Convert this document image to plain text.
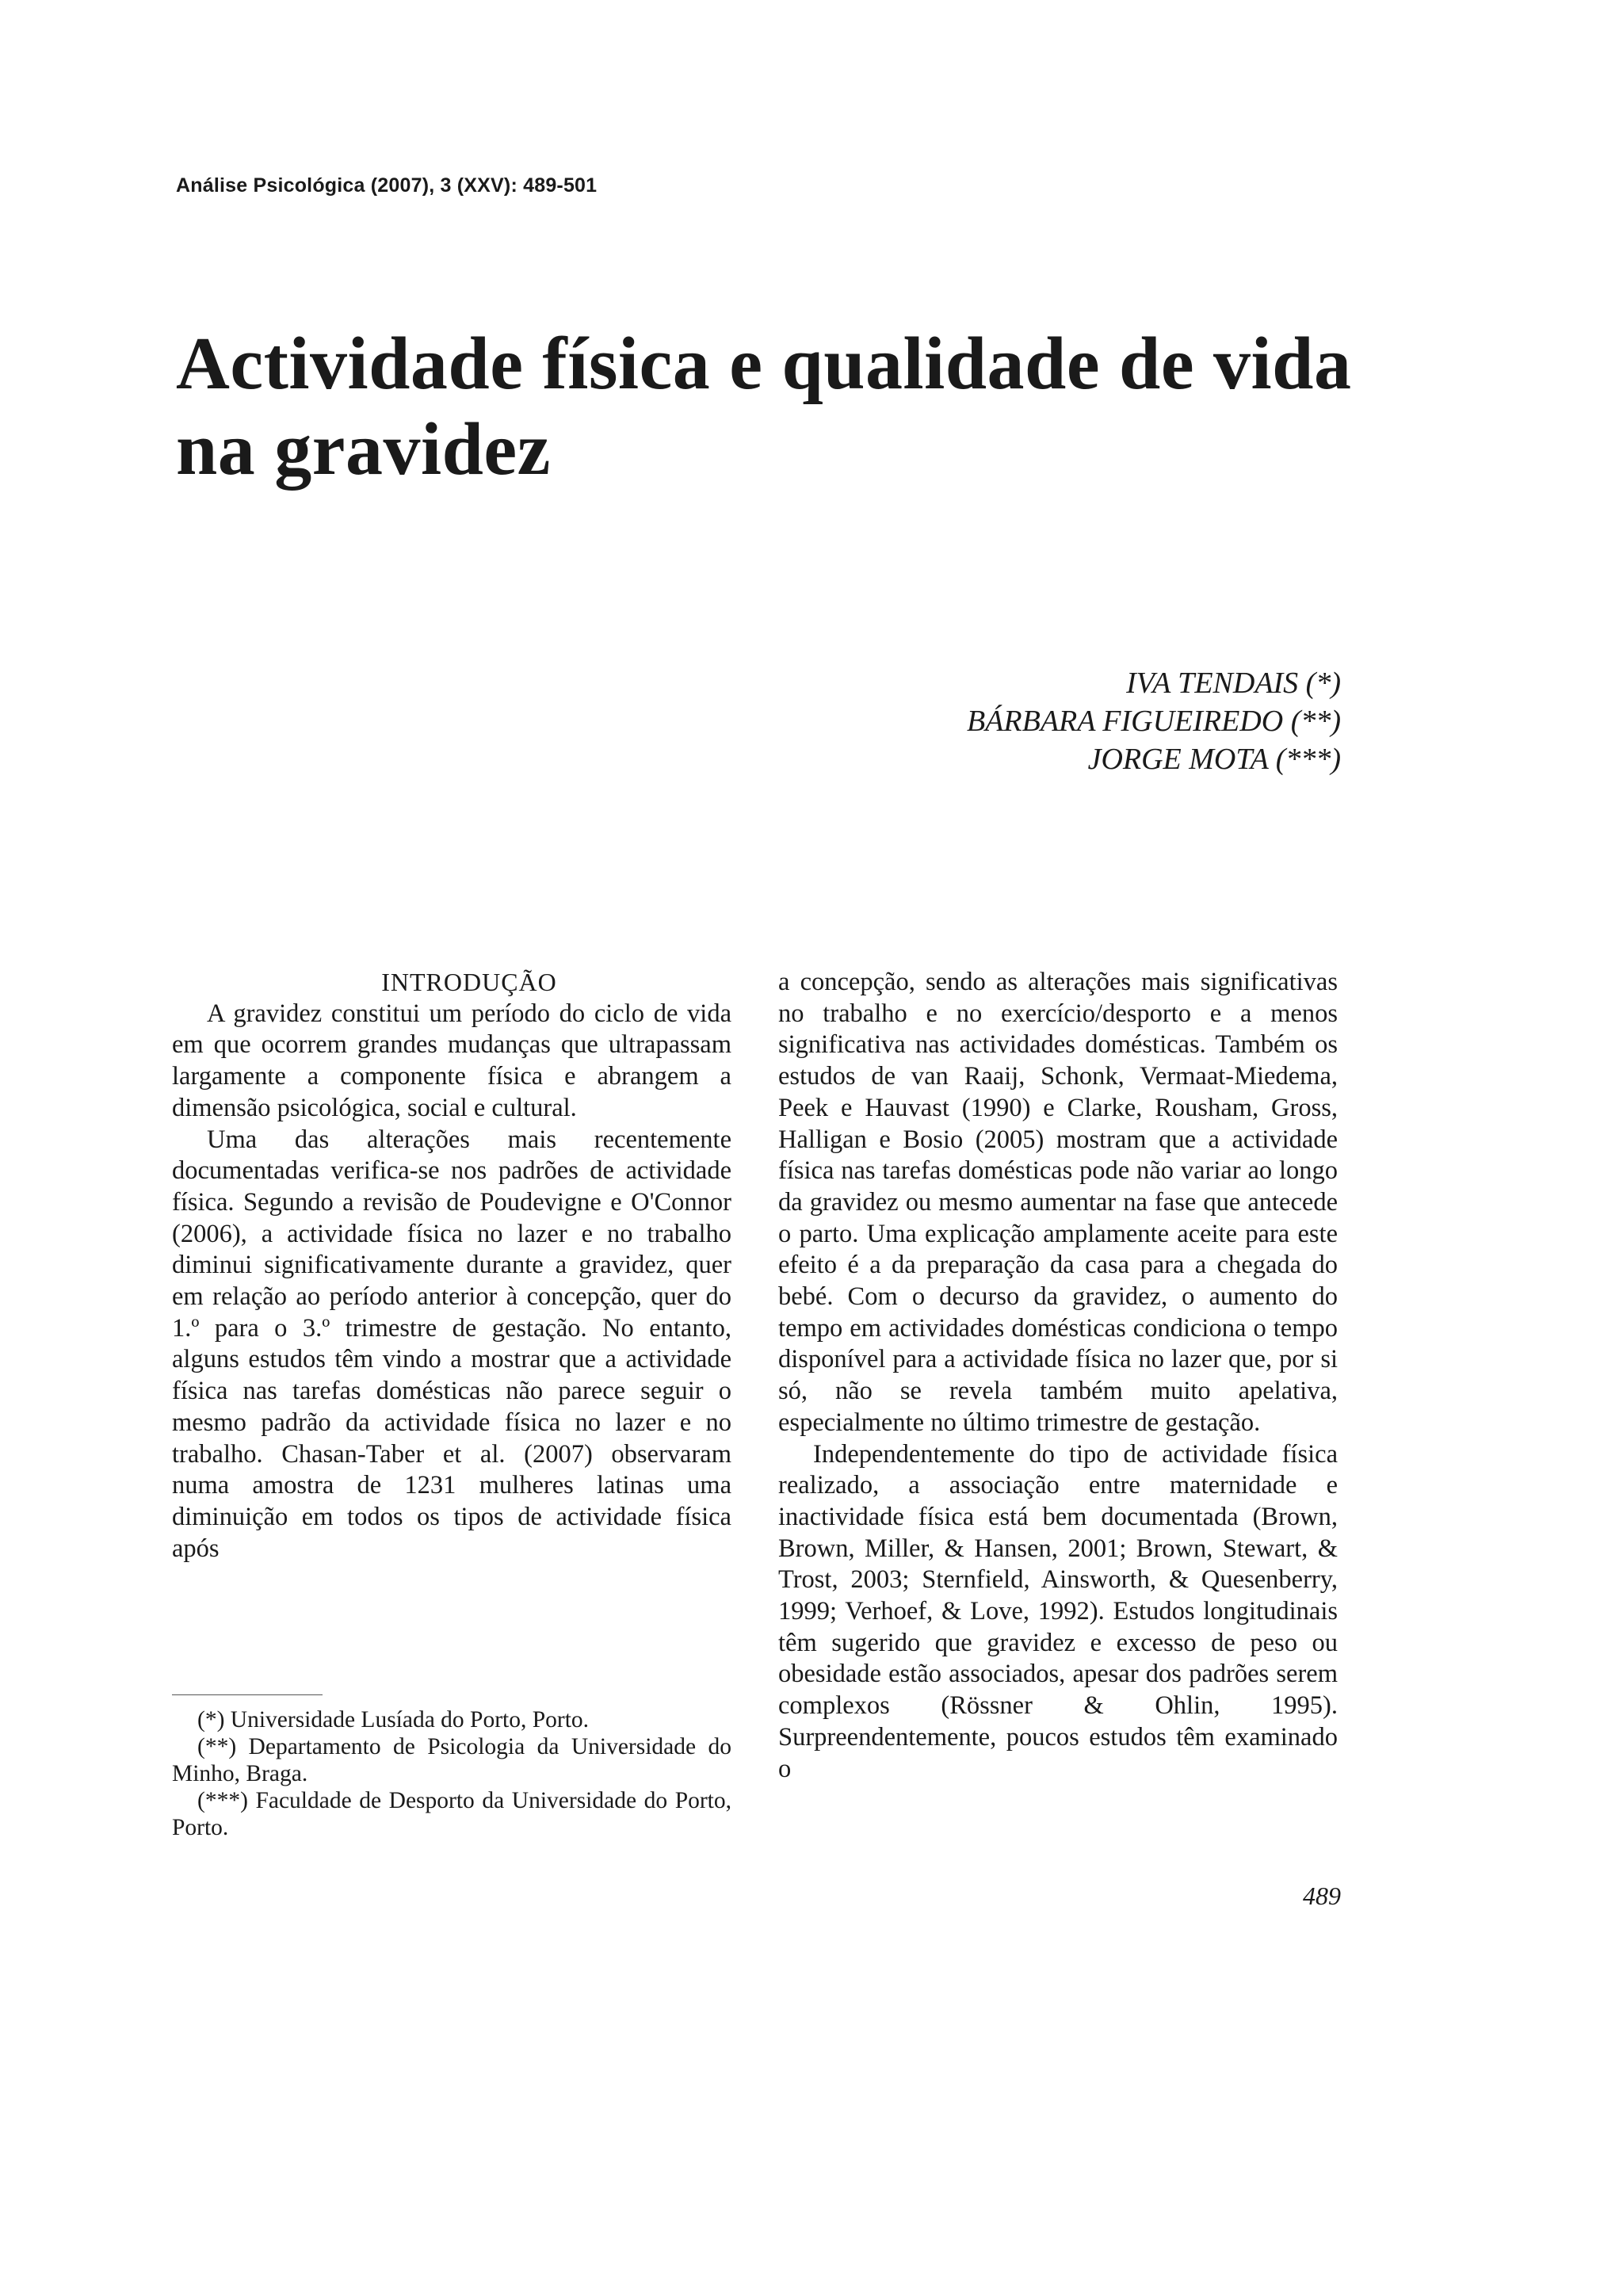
Análise Psicológica (2007), 3 (XXV): 489-501
Actividade física e qualidade de vida na gravidez
IVA TENDAIS (*)
BÁRBARA FIGUEIREDO (**)
JORGE MOTA (***)

INTRODUÇÃO

A gravidez constitui um período do ciclo de vida em que ocorrem grandes mudanças que ultrapassam largamente a componente física e abrangem a dimensão psicológica, social e cultural.

Uma das alterações mais recentemente documentadas verifica-se nos padrões de actividade física. Segundo a revisão de Poudevigne e O'Connor (2006), a actividade física no lazer e no trabalho diminui significativamente durante a gravidez, quer em relação ao período anterior à concepção, quer do 1.º para o 3.º trimestre de gestação. No entanto, alguns estudos têm vindo a mostrar que a actividade física nas tarefas domésticas não parece seguir o mesmo padrão da actividade física no lazer e no trabalho. Chasan-Taber et al. (2007) observaram numa amostra de 1231 mulheres latinas uma diminuição em todos os tipos de actividade física após

a concepção, sendo as alterações mais significativas no trabalho e no exercício/desporto e a menos significativa nas actividades domésticas. Também os estudos de van Raaij, Schonk, Vermaat-Miedema, Peek e Hauvast (1990) e Clarke, Rousham, Gross, Halligan e Bosio (2005) mostram que a actividade física nas tarefas domésticas pode não variar ao longo da gravidez ou mesmo aumentar na fase que antecede o parto. Uma explicação amplamente aceite para este efeito é a da preparação da casa para a chegada do bebé. Com o decurso da gravidez, o aumento do tempo em actividades domésticas condiciona o tempo disponível para a actividade física no lazer que, por si só, não se revela também muito apelativa, especialmente no último trimestre de gestação.

Independentemente do tipo de actividade física realizado, a associação entre maternidade e inactividade física está bem documentada (Brown, Brown, Miller, & Hansen, 2001; Brown, Stewart, & Trost, 2003; Sternfield, Ainsworth, & Quesenberry, 1999; Verhoef, & Love, 1992). Estudos longitudinais têm sugerido que gravidez e excesso de peso ou obesidade estão associados, apesar dos padrões serem complexos (Rössner & Ohlin, 1995). Surpreendentemente, poucos estudos têm examinado o

(*) Universidade Lusíada do Porto, Porto.

(**) Departamento de Psicologia da Universidade do Minho, Braga.

(***) Faculdade de Desporto da Universidade do Porto, Porto.

489
